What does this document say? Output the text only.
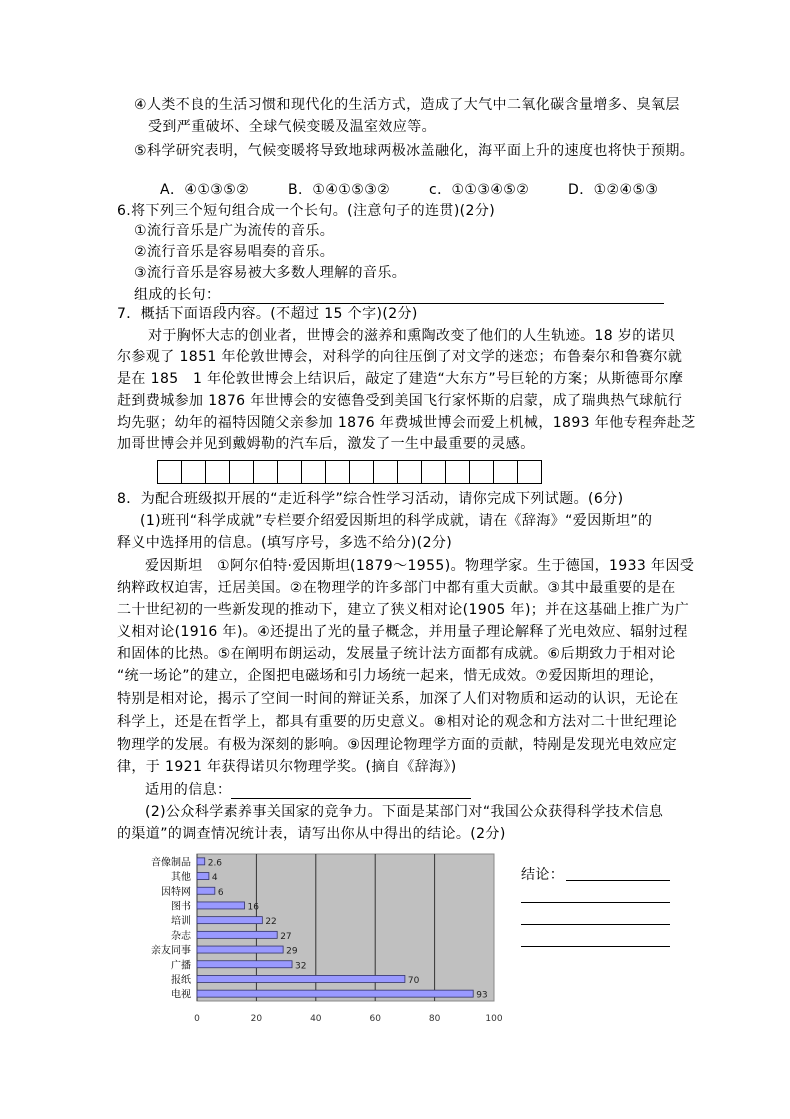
④人类不良的生活习惯和现代化的生活方式，造成了大气中二氧化碳含量增多、臭氧层
受到严重破坏、全球气候变暖及温室效应等。
⑤科学研究表明，气候变暖将导致地球两极冰盖融化，海平面上升的速度也将快于预期。
A．④①③⑤②	B．①④①⑤③②	c．①①③④⑤②	D．①②④⑤③
6.将下列三个短句组合成一个长句。(注意句子的连贯)(2分)
①流行音乐是广为流传的音乐。
②流行音乐是容易唱奏的音乐。
③流行音乐是容易被大多数人理解的音乐。
组成的长句：
7．概括下面语段内容。(不超过 15 个字)(2分)
对于胸怀大志的创业者，世博会的滋养和熏陶改变了他们的人生轨迹。18 岁的诺贝
尔参观了 1851 年伦敦世博会，对科学的向往压倒了对文学的迷恋；布鲁秦尔和鲁赛尔就
是在 185　1 年伦敦世博会上结识后，敲定了建造“大东方”号巨轮的方案；从斯德哥尔摩
赶到费城参加 1876 年世博会的安德鲁受到美国飞行家怀斯的启蒙，成了瑞典热气球航行
均先驱；幼年的福特因随父亲参加 1876 年费城世博会而爱上机械，1893 年他专程奔赴芝
加哥世博会并见到戴姆勒的汽车后，激发了一生中最重要的灵感。
8．为配合班级拟开展的“走近科学”综合性学习活动，请你完成下列试题。(6分)
(1)班刊“科学成就”专栏要介绍爱因斯坦的科学成就，请在《辞海》“爱因斯坦”的
释义中选择用的信息。(填写序号，多选不给分)(2分)
爱因斯坦　①阿尔伯特·爱因斯坦(1879～1955)。物理学家。生于德国，1933 年因受
纳粹政权迫害，迁居美国。②在物理学的许多部门中都有重大贡献。③其中最重要的是在
二十世纪初的一些新发现的推动下，建立了狭义相对论(1905 年)；并在这基础上推广为广
义相对论(1916 年)。④还提出了光的量子概念，并用量子理论解释了光电效应、辐射过程
和固体的比热。⑤在阐明布朗运动，发展量子统计法方面都有成就。⑥后期致力于相对论
“统一场论”的建立，企图把电磁场和引力场统一起来，惜无成效。⑦爱因斯坦的理论，
特别是相对论，揭示了空间一时间的辩证关系，加深了人们对物质和运动的认识，无论在
科学上，还是在哲学上，都具有重要的历史意义。⑧相对论的观念和方法对二十世纪理论
物理学的发展。有极为深刻的影响。⑨因理论物理学方面的贡献，特剐是发现光电效应定
律，于 1921 年获得诺贝尔物理学奖。(摘自《辞海》)
适用的信息：
(2)公众科学素养事关国家的竞争力。下面是某部门对“我国公众获得科学技术信息
的渠道”的调查情况统计表，请写出你从中得出的结论。(2分)
0	20	40	60	80	100
音像制品 2.6
其他 4
因特网	6
图书	16
培训	22
杂志	27
亲友同事	29
广播	32
报纸	70
电视	93
结论：
